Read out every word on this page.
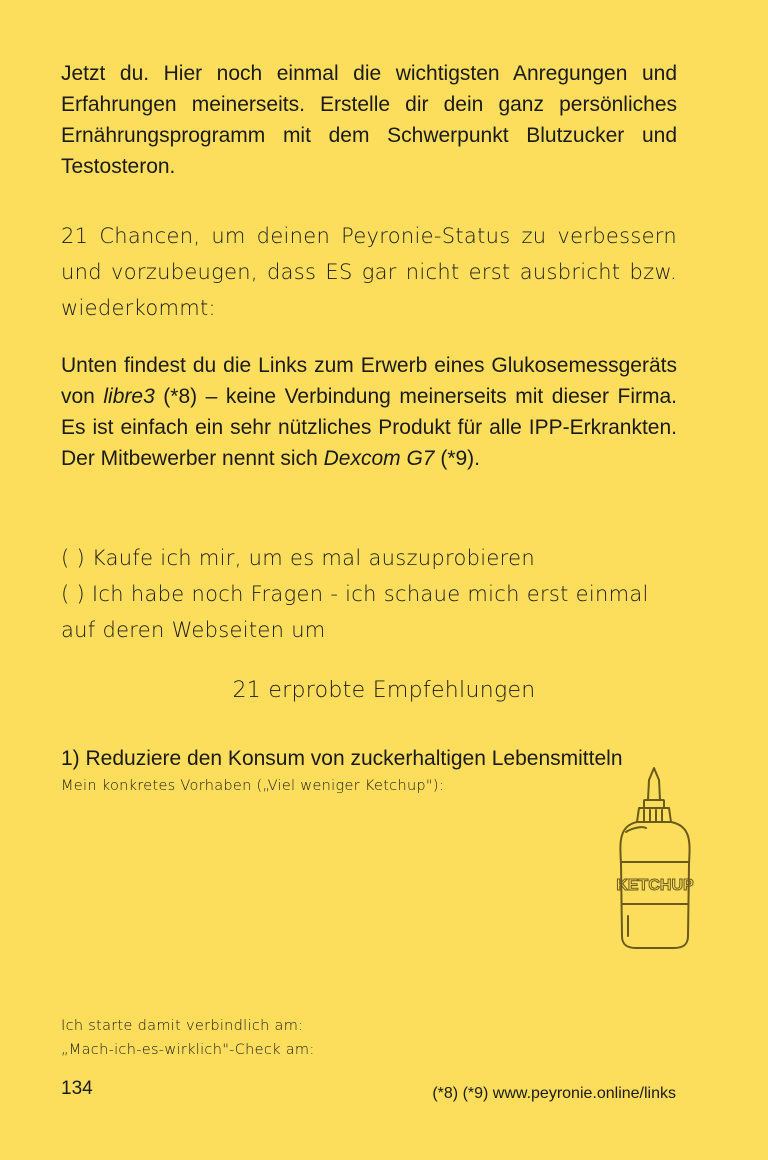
Jetzt du. Hier noch einmal die wichtigsten Anregungen und Erfahrungen meinerseits. Erstelle dir dein ganz persönliches Ernährungsprogramm mit dem Schwerpunkt Blutzucker und Testosteron.

21 Chancen, um deinen Peyronie-Status zu verbessern und vorzubeugen, dass ES gar nicht erst ausbricht bzw. wiederkommt:

Unten findest du die Links zum Erwerb eines Glukosemessgeräts von libre3 (*8) – keine Verbindung meinerseits mit dieser Firma. Es ist einfach ein sehr nützliches Produkt für alle IPP-Erkrankten. Der Mitbewerber nennt sich Dexcom G7 (*9).

( ) Kaufe ich mir, um es mal auszuprobieren
( ) Ich habe noch Fragen - ich schaue mich erst einmal auf deren Webseiten um
21 erprobte Empfehlungen
1) Reduziere den Konsum von zuckerhaltigen Lebensmitteln
Mein konkretes Vorhaben („Viel weniger Ketchup"):
KETCHUP

Ich starte damit verbindlich am:

„Mach-ich-es-wirklich"-Check am:

134	(*8) (*9) www.peyronie.online/links
